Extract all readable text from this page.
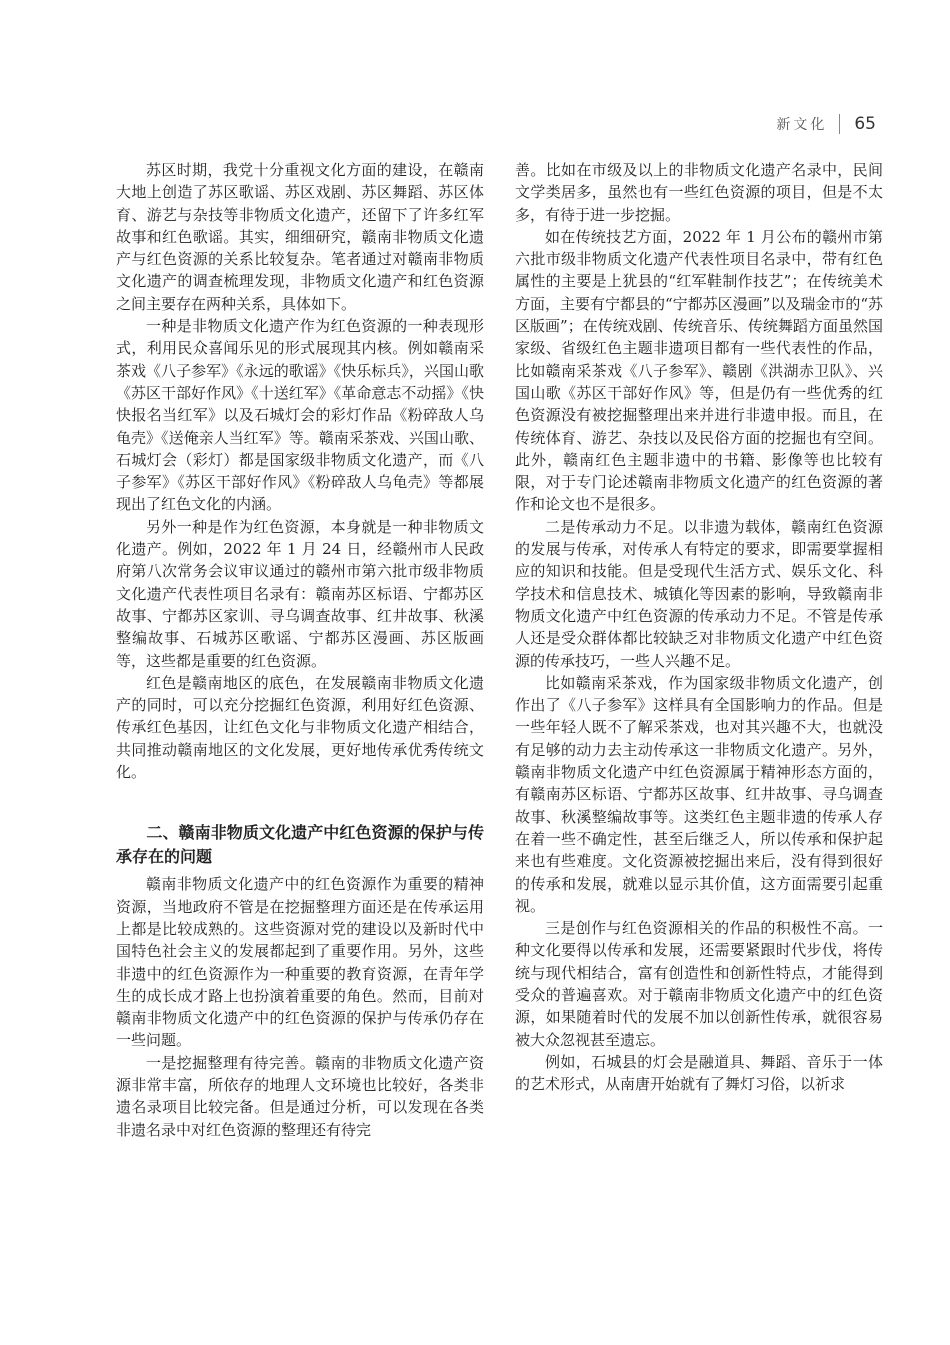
新文化 65

苏区时期，我党十分重视文化方面的建设，在赣南大地上创造了苏区歌谣、苏区戏剧、苏区舞蹈、苏区体育、游艺与杂技等非物质文化遗产，还留下了许多红军故事和红色歌谣。其实，细细研究，赣南非物质文化遗产与红色资源的关系比较复杂。笔者通过对赣南非物质文化遗产的调查梳理发现，非物质文化遗产和红色资源之间主要存在两种关系，具体如下。

一种是非物质文化遗产作为红色资源的一种表现形式，利用民众喜闻乐见的形式展现其内核。例如赣南采茶戏《八子参军》《永远的歌谣》《快乐标兵》，兴国山歌《苏区干部好作风》《十送红军》《革命意志不动摇》《快快报名当红军》以及石城灯会的彩灯作品《粉碎敌人乌龟壳》《送俺亲人当红军》等。赣南采茶戏、兴国山歌、石城灯会（彩灯）都是国家级非物质文化遗产，而《八子参军》《苏区干部好作风》《粉碎敌人乌龟壳》等都展现出了红色文化的内涵。

另外一种是作为红色资源，本身就是一种非物质文化遗产。例如，2022 年 1 月 24 日，经赣州市人民政府第八次常务会议审议通过的赣州市第六批市级非物质文化遗产代表性项目名录有：赣南苏区标语、宁都苏区故事、宁都苏区家训、寻乌调查故事、红井故事、秋溪整编故事、石城苏区歌谣、宁都苏区漫画、苏区版画等，这些都是重要的红色资源。

红色是赣南地区的底色，在发展赣南非物质文化遗产的同时，可以充分挖掘红色资源，利用好红色资源、传承红色基因，让红色文化与非物质文化遗产相结合，共同推动赣南地区的文化发展，更好地传承优秀传统文化。

二、赣南非物质文化遗产中红色资源的保护与传承存在的问题

赣南非物质文化遗产中的红色资源作为重要的精神资源，当地政府不管是在挖掘整理方面还是在传承运用上都是比较成熟的。这些资源对党的建设以及新时代中国特色社会主义的发展都起到了重要作用。另外，这些非遗中的红色资源作为一种重要的教育资源，在青年学生的成长成才路上也扮演着重要的角色。然而，目前对赣南非物质文化遗产中的红色资源的保护与传承仍存在一些问题。

一是挖掘整理有待完善。赣南的非物质文化遗产资源非常丰富，所依存的地理人文环境也比较好，各类非遗名录项目比较完备。但是通过分析，可以发现在各类非遗名录中对红色资源的整理还有待完

善。比如在市级及以上的非物质文化遗产名录中，民间文学类居多，虽然也有一些红色资源的项目，但是不太多，有待于进一步挖掘。

如在传统技艺方面，2022 年 1 月公布的赣州市第六批市级非物质文化遗产代表性项目名录中，带有红色属性的主要是上犹县的“红军鞋制作技艺”；在传统美术方面，主要有宁都县的“宁都苏区漫画”以及瑞金市的“苏区版画”；在传统戏剧、传统音乐、传统舞蹈方面虽然国家级、省级红色主题非遗项目都有一些代表性的作品，比如赣南采茶戏《八子参军》、赣剧《洪湖赤卫队》、兴国山歌《苏区干部好作风》等，但是仍有一些优秀的红色资源没有被挖掘整理出来并进行非遗申报。而且，在传统体育、游艺、杂技以及民俗方面的挖掘也有空间。此外，赣南红色主题非遗中的书籍、影像等也比较有限，对于专门论述赣南非物质文化遗产的红色资源的著作和论文也不是很多。

二是传承动力不足。以非遗为载体，赣南红色资源的发展与传承，对传承人有特定的要求，即需要掌握相应的知识和技能。但是受现代生活方式、娱乐文化、科学技术和信息技术、城镇化等因素的影响，导致赣南非物质文化遗产中红色资源的传承动力不足。不管是传承人还是受众群体都比较缺乏对非物质文化遗产中红色资源的传承技巧，一些人兴趣不足。

比如赣南采茶戏，作为国家级非物质文化遗产，创作出了《八子参军》这样具有全国影响力的作品。但是一些年轻人既不了解采茶戏，也对其兴趣不大，也就没有足够的动力去主动传承这一非物质文化遗产。另外，赣南非物质文化遗产中红色资源属于精神形态方面的，有赣南苏区标语、宁都苏区故事、红井故事、寻乌调查故事、秋溪整编故事等。这类红色主题非遗的传承人存在着一些不确定性，甚至后继乏人，所以传承和保护起来也有些难度。文化资源被挖掘出来后，没有得到很好的传承和发展，就难以显示其价值，这方面需要引起重视。

三是创作与红色资源相关的作品的积极性不高。一种文化要得以传承和发展，还需要紧跟时代步伐，将传统与现代相结合，富有创造性和创新性特点，才能得到受众的普遍喜欢。对于赣南非物质文化遗产中的红色资源，如果随着时代的发展不加以创新性传承，就很容易被大众忽视甚至遗忘。

例如，石城县的灯会是融道具、舞蹈、音乐于一体的艺术形式，从南唐开始就有了舞灯习俗，以祈求
